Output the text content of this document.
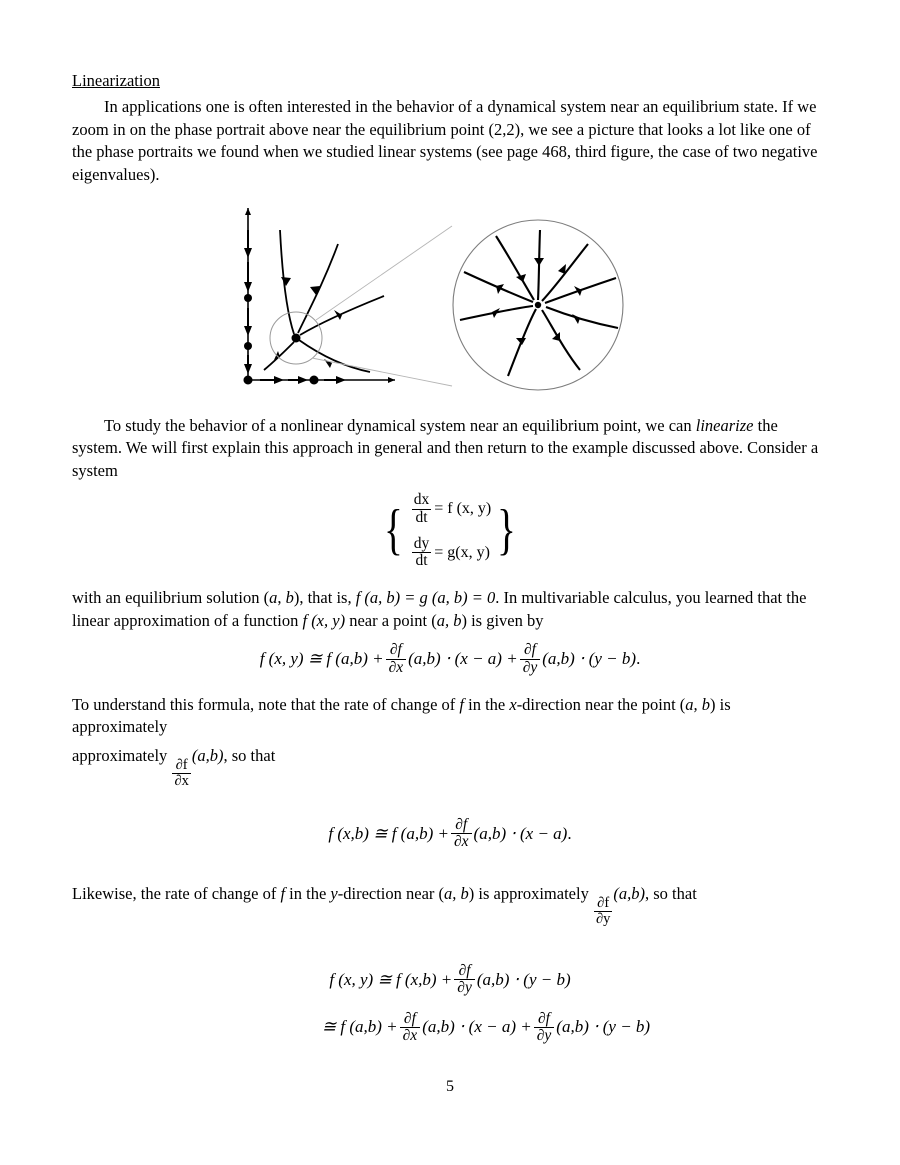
Linearization

In applications one is often interested in the behavior of a dynamical system near an equilibrium state. If we zoom in on the phase portrait above near the equilibrium point (2,2), we see a picture that looks a lot like one of the phase portraits we found when we studied linear systems (see page 468, third figure, the case of two negative eigenvalues).

To study the behavior of a nonlinear dynamical system near an equilibrium point, we can linearize the system. We will first explain this approach in general and then return to the example discussed above. Consider a system

{ $\frac{dx}{dt} = f$ (x, y)
$\frac{dy}{dt} = g(x$, y) }

with an equilibrium solution (a, b), that is, f (a, b) = g (a, b) = 0. In multivariable calculus, you learned that the linear approximation of a function f (x, y) near a point (a, b) is given by

f (x, y) ≅ f $(a,b) + \frac{\partial f}{\partial x} (a,b) \cdot (x - a) + \frac{\partial f}{\partial y} (a,b) \cdot (y - b)$ .

To understand this formula, note that the rate of change of f in the x-direction near the point (a, b) is approximately

approximately
$\frac{\partial f}{\partial x}$
(a,b), so that

f (x,b) ≅ f $(a,b) + \frac{\partial f}{\partial x} (a,b) \cdot (x - a)$ .

Likewise, the rate of change of f in the y-direction near (a, b) is approximately
$\frac{\partial f}{\partial y}$
(a,b), so that

f (x, y) ≅ f $(x,b) + \frac{\partial f}{\partial y} (a,b) \cdot (y - b)$
≅ f $(a,b) + \frac{\partial f}{\partial x} (a,b) \cdot (x - a) + \frac{\partial f}{\partial y} (a,b) \cdot (y - b)$
5
